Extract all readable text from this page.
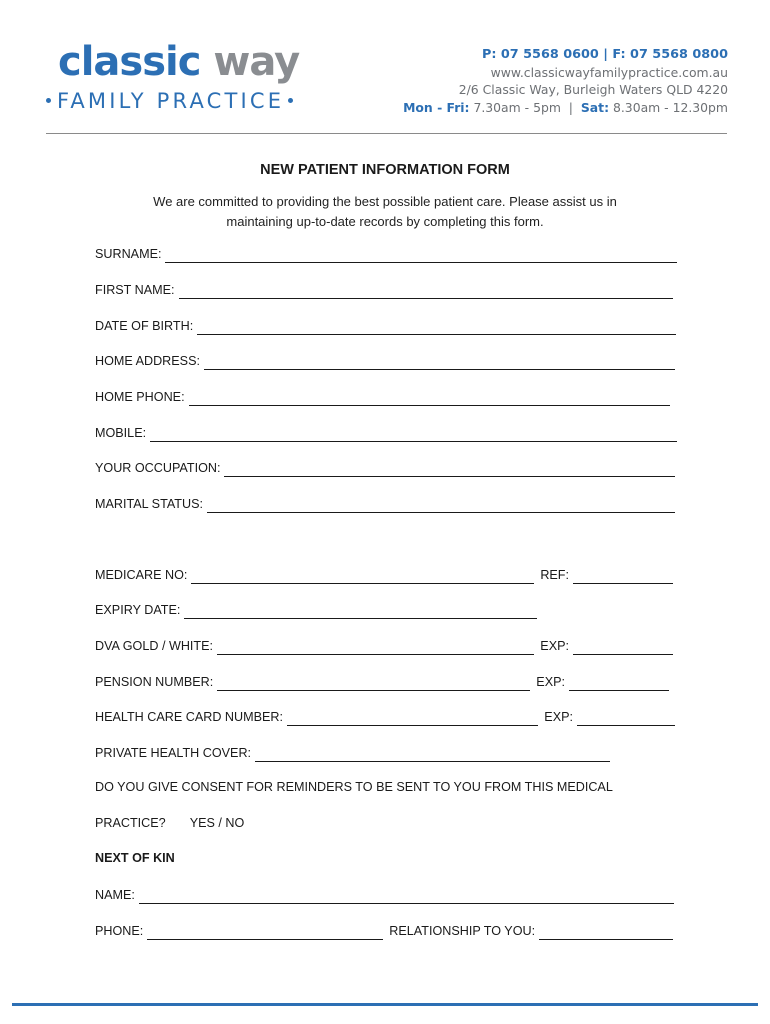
classic way
FAMILY PRACTICE
P: 07 5568 0600 | F: 07 5568 0800
www.classicwayfamilypractice.com.au
2/6 Classic Way, Burleigh Waters QLD 4220
Mon - Fri: 7.30am - 5pm | Sat: 8.30am - 12.30pm
NEW PATIENT INFORMATION FORM
We are committed to providing the best possible patient care. Please assist us in maintaining up-to-date records by completing this form.
SURNAME:
FIRST NAME:
DATE OF BIRTH:
HOME ADDRESS:
HOME PHONE:
MOBILE:
YOUR OCCUPATION:
MARITAL STATUS:
MEDICARE NO:	REF:
EXPIRY DATE:
DVA GOLD / WHITE:	EXP:
PENSION NUMBER:	EXP:
HEALTH CARE CARD NUMBER:	EXP:
PRIVATE HEALTH COVER:
DO YOU GIVE CONSENT FOR REMINDERS TO BE SENT TO YOU FROM THIS MEDICAL
PRACTICE? YES / NO
NEXT OF KIN
NAME:
PHONE:	RELATIONSHIP TO YOU:
